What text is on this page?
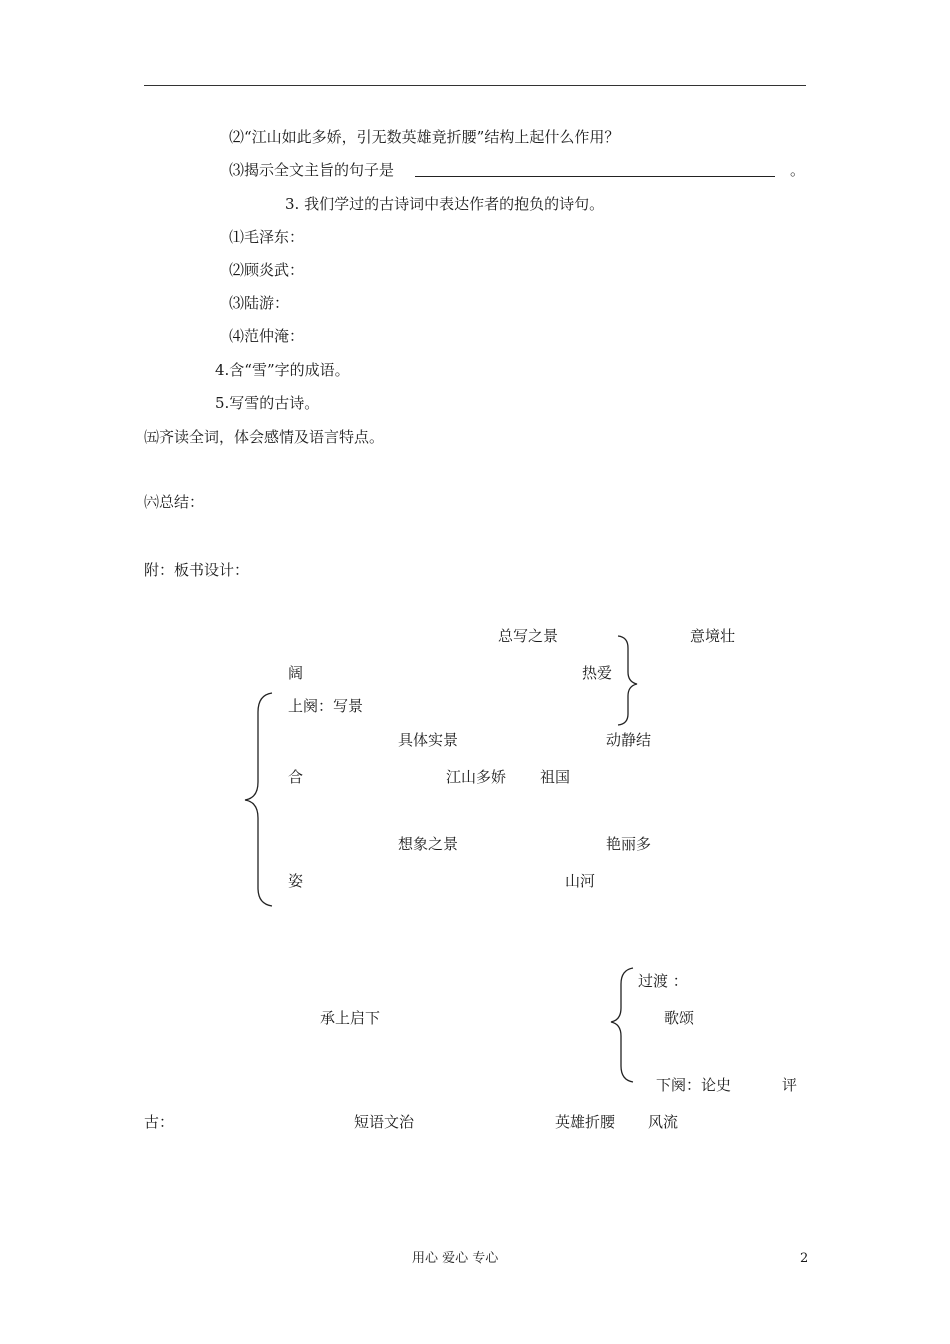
⑵“江山如此多娇，引无数英雄竟折腰”结构上起什么作用？
⑶揭示全文主旨的句子是	。
3. 我们学过的古诗词中表达作者的抱负的诗句。
⑴毛泽东：
⑵顾炎武：
⑶陆游：
⑷范仲淹：
4.含“雪”字的成语。
5.写雪的古诗。
㈤齐读全词，体会感情及语言特点。
㈥总结：
附：板书设计：
总写之景	意境壮
阔	热爱
上阕：写景
具体实景	动静结
合	江山多娇 祖国
想象之景	艳丽多
姿	山河
过渡 ：
承上启下	歌颂
下阕：论史	评
古：	短语文治	英雄折腰 风流
用心 爱心 专心	2
